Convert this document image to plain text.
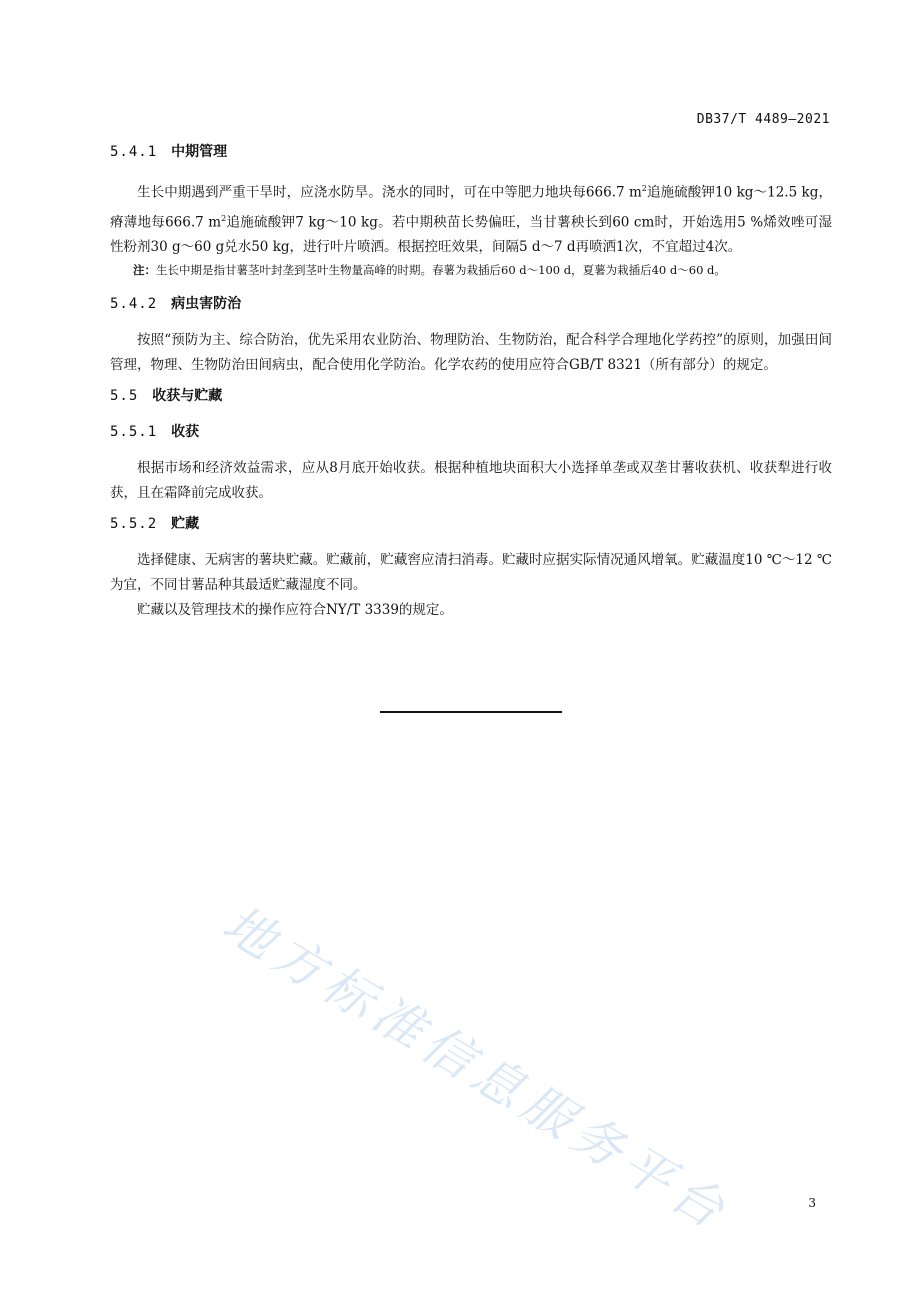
DB37/T 4489—2021
5.4.1 中期管理

生长中期遇到严重干旱时，应浇水防旱。浇水的同时，可在中等肥力地块每666.7 $m^2$追施硫酸钾10 kg～12.5 kg，瘠薄地每666.7 $m^2$追施硫酸钾7 kg～10 kg。若中期秧苗长势偏旺，当甘薯秧长到60 cm时，开始选用5 %烯效唑可湿性粉剂30 g～60 g兑水50 kg，进行叶片喷洒。根据控旺效果，间隔5 d～7 d再喷洒1次，不宜超过4次。

注：生长中期是指甘薯茎叶封垄到茎叶生物量高峰的时期。春薯为栽插后60 d～100 d，夏薯为栽插后40 d～60 d。

5.4.2 病虫害防治

按照“预防为主、综合防治，优先采用农业防治、物理防治、生物防治，配合科学合理地化学药控”的原则，加强田间管理，物理、生物防治田间病虫，配合使用化学防治。化学农药的使用应符合GB/T 8321（所有部分）的规定。

5.5 收获与贮藏
5.5.1 收获

根据市场和经济效益需求，应从8月底开始收获。根据种植地块面积大小选择单垄或双垄甘薯收获机、收获犁进行收获，且在霜降前完成收获。

5.5.2 贮藏

选择健康、无病害的薯块贮藏。贮藏前，贮藏窖应清扫消毒。贮藏时应据实际情况通风增氧。贮藏温度10 ℃～12 ℃为宜，不同甘薯品种其最适贮藏湿度不同。

贮藏以及管理技术的操作应符合NY/T 3339的规定。

地方标准信息服务平台	3
